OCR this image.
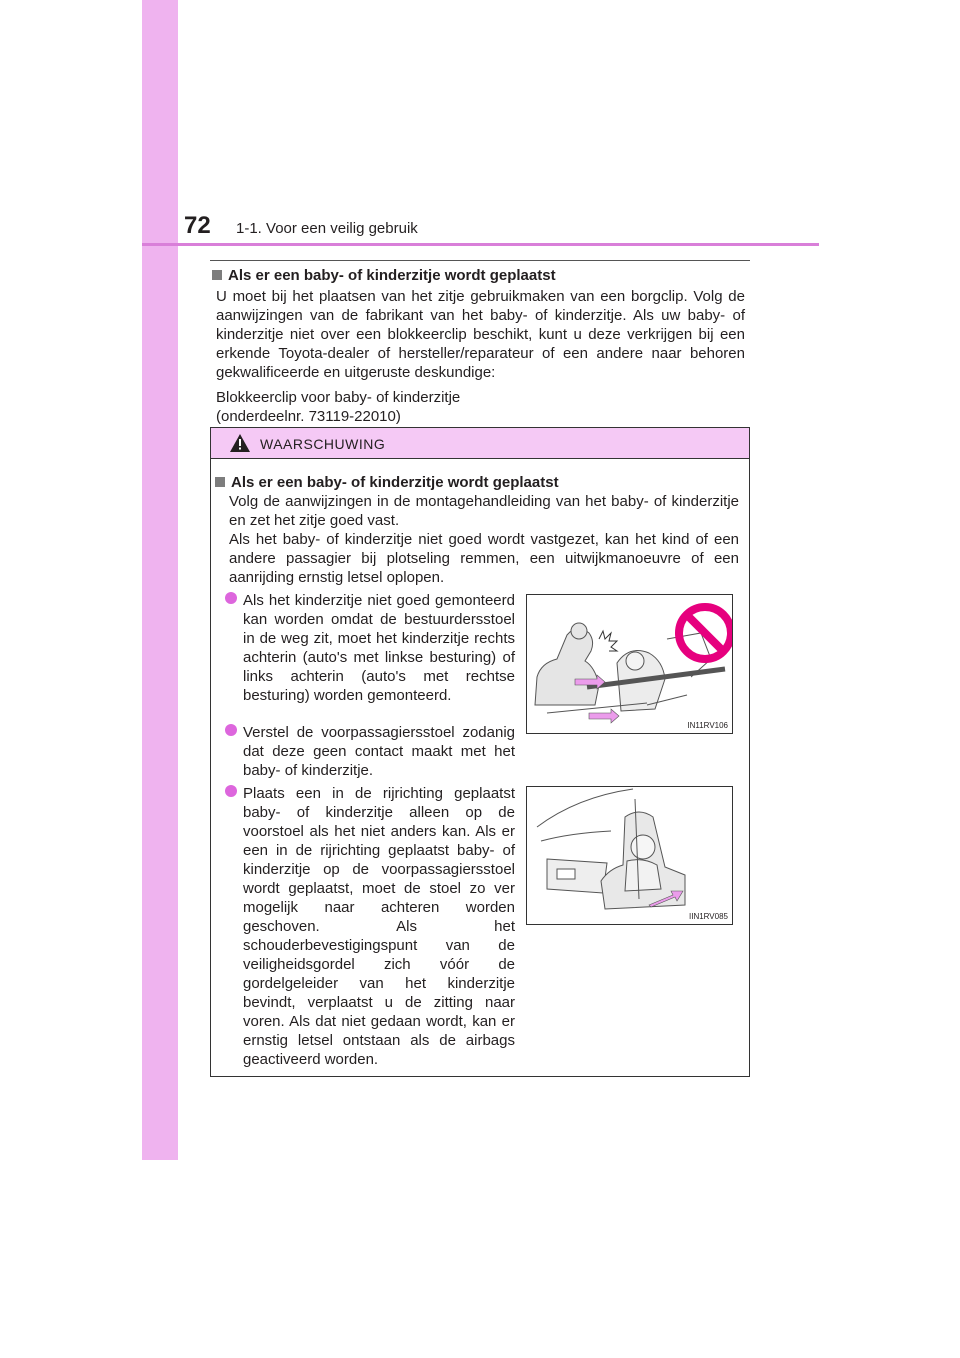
72 1-1. Voor een veilig gebruik
Als er een baby- of kinderzitje wordt geplaatst

U moet bij het plaatsen van het zitje gebruikmaken van een borgclip. Volg de aanwijzingen van de fabrikant van het baby- of kinderzitje. Als uw baby- of kinderzitje niet over een blokkeerclip beschikt, kunt u deze verkrijgen bij een erkende Toyota-dealer of hersteller/reparateur of een andere naar behoren gekwalificeerde en uitgeruste deskundige:

Blokkeerclip voor baby- of kinderzitje
(onderdeelnr. 73119-22010)
WAARSCHUWING
Als er een baby- of kinderzitje wordt geplaatst
Volg de aanwijzingen in de montagehandleiding van het baby- of kinderzitje en zet het zitje goed vast.
Als het baby- of kinderzitje niet goed wordt vastgezet, kan het kind of een andere passagier bij plotseling remmen, een uitwijkmanoeuvre of een aanrijding ernstig letsel oplopen.
Als het kinderzitje niet goed gemonteerd kan worden omdat de bestuurdersstoel in de weg zit, moet het kinderzitje rechts achterin (auto's met linkse besturing) of links achterin (auto's met rechtse besturing) worden gemonteerd.
Verstel de voorpassagiersstoel zodanig dat deze geen contact maakt met het baby- of kinderzitje.
Plaats een in de rijrichting geplaatst baby- of kinderzitje alleen op de voorstoel als het niet anders kan. Als er een in de rijrichting geplaatst baby- of kinderzitje op de voorpassagiersstoel wordt geplaatst, moet de stoel zo ver mogelijk naar achteren worden geschoven. Als het schouderbevestigingspunt van de veiligheidsgordel zich vóór de gordelgeleider van het kinderzitje bevindt, verplaatst u de zitting naar voren. Als dat niet gedaan wordt, kan er ernstig letsel ontstaan als de airbags geactiveerd worden.
IN11RV106
IIN1RV085
